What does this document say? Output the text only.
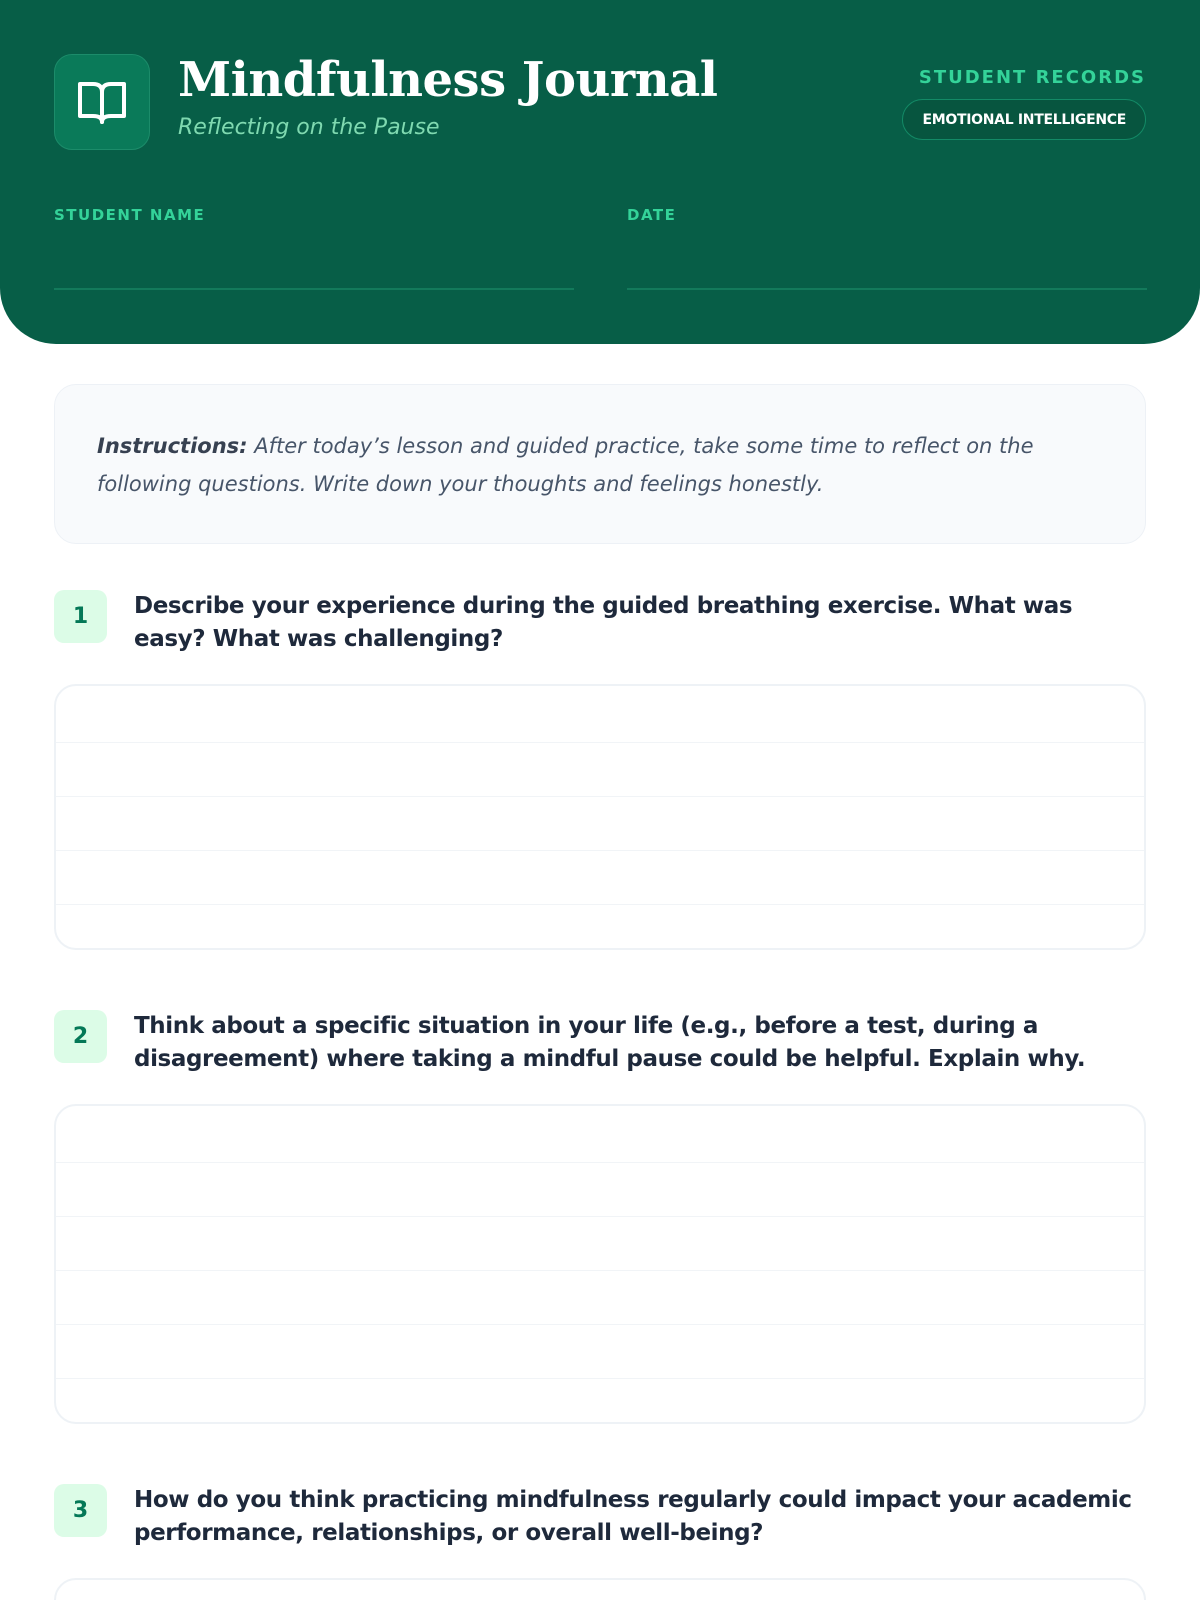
Mindfulness Journal
Reflecting on the Pause
STUDENT RECORDS
EMOTIONAL INTELLIGENCE
STUDENT NAME	DATE
Instructions: After today’s lesson and guided practice, take some time to reflect on the following questions. Write down your thoughts and feelings honestly.
1	Describe your experience during the guided breathing exercise. What was easy? What was challenging?
2	Think about a specific situation in your life (e.g., before a test, during a disagreement) where taking a mindful pause could be helpful. Explain why.
3	How do you think practicing mindfulness regularly could impact your academic performance, relationships, or overall well-being?
